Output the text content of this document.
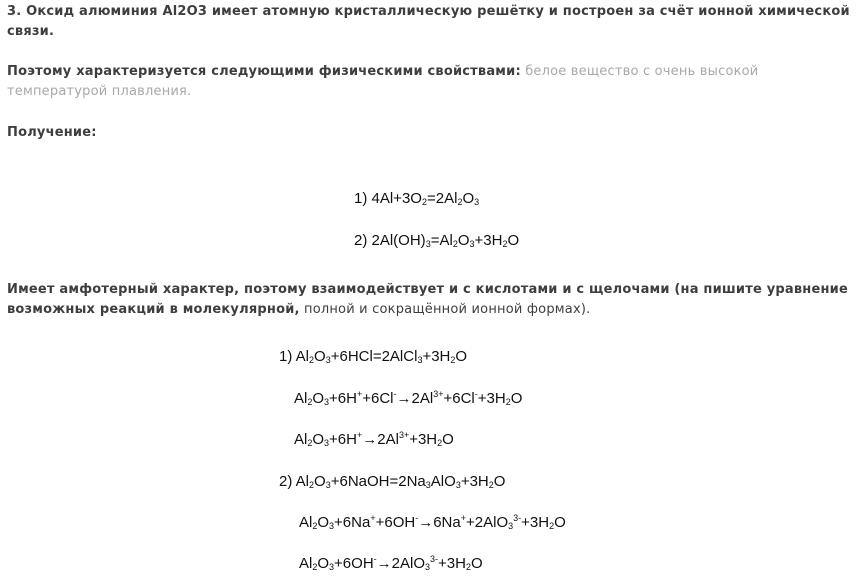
3. Оксид алюминия Al2O3 имеет атомную кристаллическую решётку и построен за счёт ионной химической связи.
Поэтому характеризуется следующими физическими свойствами: белое вещество с очень высокой температурой плавления.
Получение:
1) $4Al+3O_2=2Al_2O_3$
2) $2Al(OH)_3=Al_2O_3+3H_2O$
Имеет амфотерный характер, поэтому взаимодействует и с кислотами и с щелочами (на пишите уравнение возможных реакций в молекулярной, полной и сокращённой ионной формах).
1) $Al_2O_3+6HCl=2AlCl_3+3H_2O$
$Al_2O_3+6H^++6Cl^-\to 2Al^{3+}+6Cl^-+3H_2O$
$Al_2O_3+6H^+\to 2Al^{3+}+3H_2O$
2) $Al_2O_3+6NaOH=2Na_3AlO_3+3H_2O$
$Al_2O_3+6Na^++6OH^-\to 6Na^++2AlO_3^{3-}+3H_2O$
$Al_2O_3+6OH^-\to 2AlO_3^{3-}+3H_2O$
